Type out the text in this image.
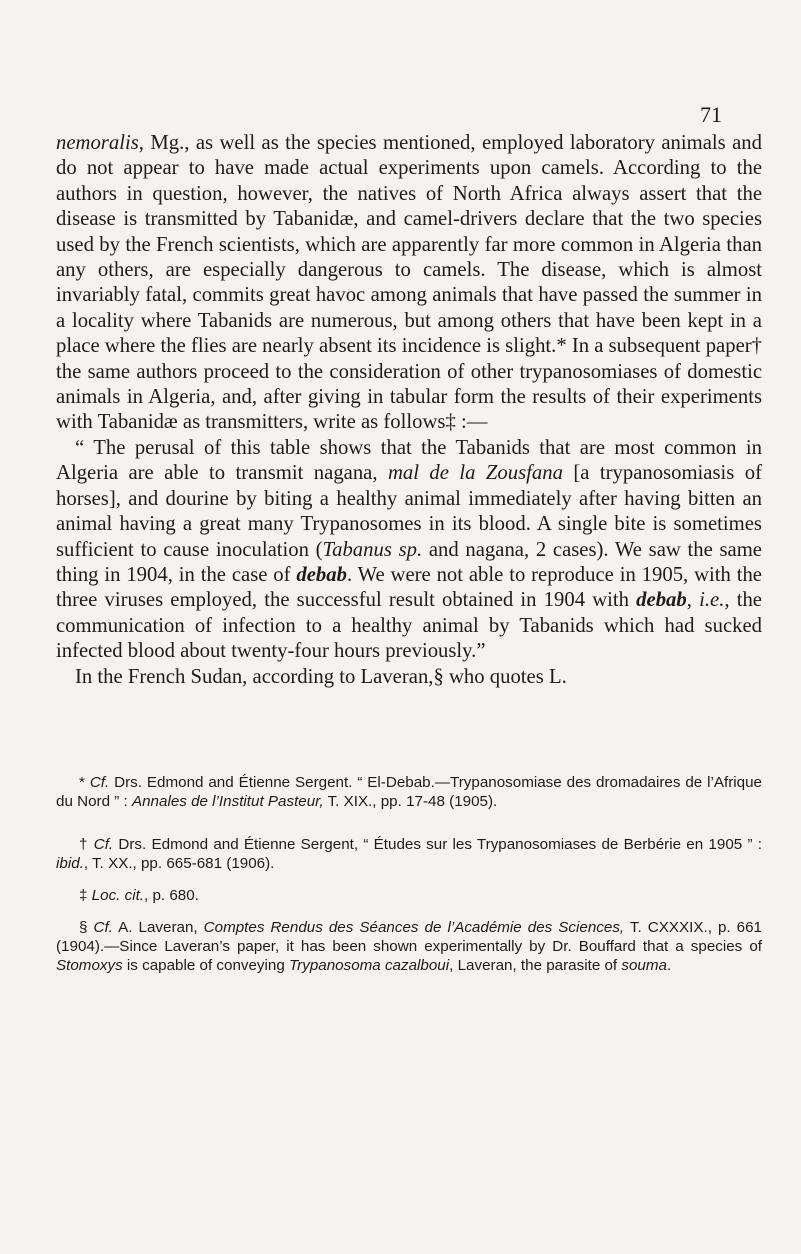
71

nemoralis, Mg., as well as the species mentioned, employed laboratory animals and do not appear to have made actual experiments upon camels. According to the authors in question, however, the natives of North Africa always assert that the disease is transmitted by Tabanidæ, and camel-drivers declare that the two species used by the French scientists, which are apparently far more common in Algeria than any others, are especially dangerous to camels. The disease, which is almost invariably fatal, commits great havoc among animals that have passed the summer in a locality where Tabanids are numerous, but among others that have been kept in a place where the flies are nearly absent its incidence is slight.* In a subsequent paper† the same authors proceed to the consideration of other trypanosomiases of domestic animals in Algeria, and, after giving in tabular form the results of their experiments with Tabanidæ as transmitters, write as follows‡ :—

“ The perusal of this table shows that the Tabanids that are most common in Algeria are able to transmit nagana, mal de la Zousfana [a trypanosomiasis of horses], and dourine by biting a healthy animal immediately after having bitten an animal having a great many Trypanosomes in its blood. A single bite is sometimes sufficient to cause inoculation (Tabanus sp. and nagana, 2 cases). We saw the same thing in 1904, in the case of debab. We were not able to reproduce in 1905, with the three viruses employed, the successful result obtained in 1904 with debab, i.e., the communication of infection to a healthy animal by Tabanids which had sucked infected blood about twenty-four hours previously.”

In the French Sudan, according to Laveran,§ who quotes L.

* Cf. Drs. Edmond and Étienne Sergent. “ El-Debab.—Trypanosomiase des dromadaires de l’Afrique du Nord ” : Annales de l’Institut Pasteur, T. XIX., pp. 17-48 (1905).

† Cf. Drs. Edmond and Étienne Sergent, “ Études sur les Trypanosomiases de Berbérie en 1905 ” : ibid., T. XX., pp. 665-681 (1906).

‡ Loc. cit., p. 680.

§ Cf. A. Laveran, Comptes Rendus des Séances de l’Académie des Sciences, T. CXXXIX., p. 661 (1904).—Since Laveran’s paper, it has been shown experimentally by Dr. Bouffard that a species of Stomoxys is capable of conveying Trypanosoma cazalboui, Laveran, the parasite of souma.
